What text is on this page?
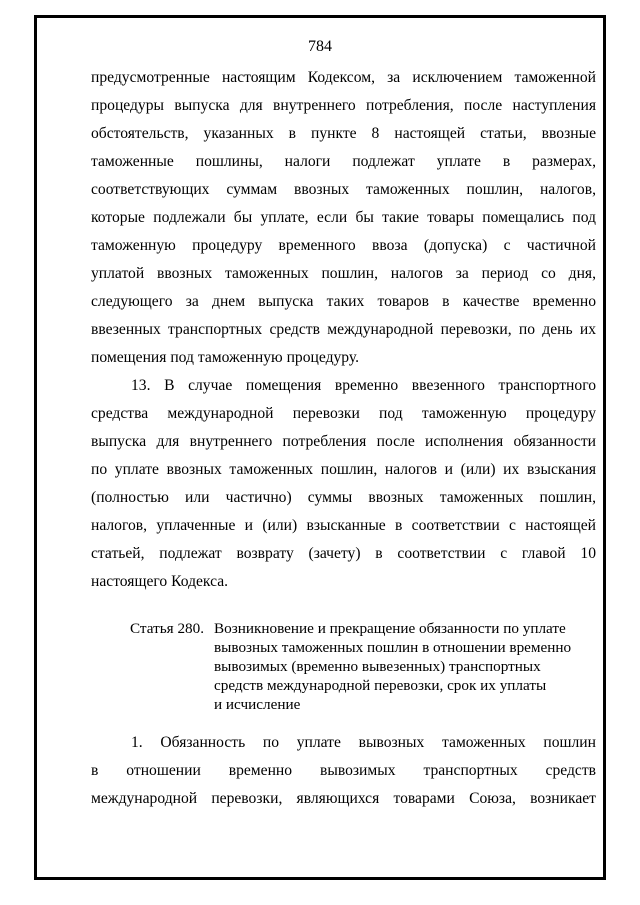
784
предусмотренные настоящим Кодексом, за исключением таможенной
процедуры выпуска для внутреннего потребления, после наступления
обстоятельств, указанных в пункте 8 настоящей статьи, ввозные
таможенные пошлины, налоги подлежат уплате в размерах,
соответствующих суммам ввозных таможенных пошлин, налогов,
которые подлежали бы уплате, если бы такие товары помещались под
таможенную процедуру временного ввоза (допуска) с частичной
уплатой ввозных таможенных пошлин, налогов за период со дня,
следующего за днем выпуска таких товаров в качестве временно
ввезенных транспортных средств международной перевозки, по день их
помещения под таможенную процедуру.
13. В случае помещения временно ввезенного транспортного
средства международной перевозки под таможенную процедуру
выпуска для внутреннего потребления после исполнения обязанности
по уплате ввозных таможенных пошлин, налогов и (или) их взыскания
(полностью или частично) суммы ввозных таможенных пошлин,
налогов, уплаченные и (или) взысканные в соответствии с настоящей
статьей, подлежат возврату (зачету) в соответствии с главой 10
настоящего Кодекса.
Статья 280. Возникновение и прекращение обязанности по уплате
вывозных таможенных пошлин в отношении временно
вывозимых (временно вывезенных) транспортных
средств международной перевозки, срок их уплаты
и исчисление
1. Обязанность по уплате вывозных таможенных пошлин
в отношении временно вывозимых транспортных средств
международной перевозки, являющихся товарами Союза, возникает
